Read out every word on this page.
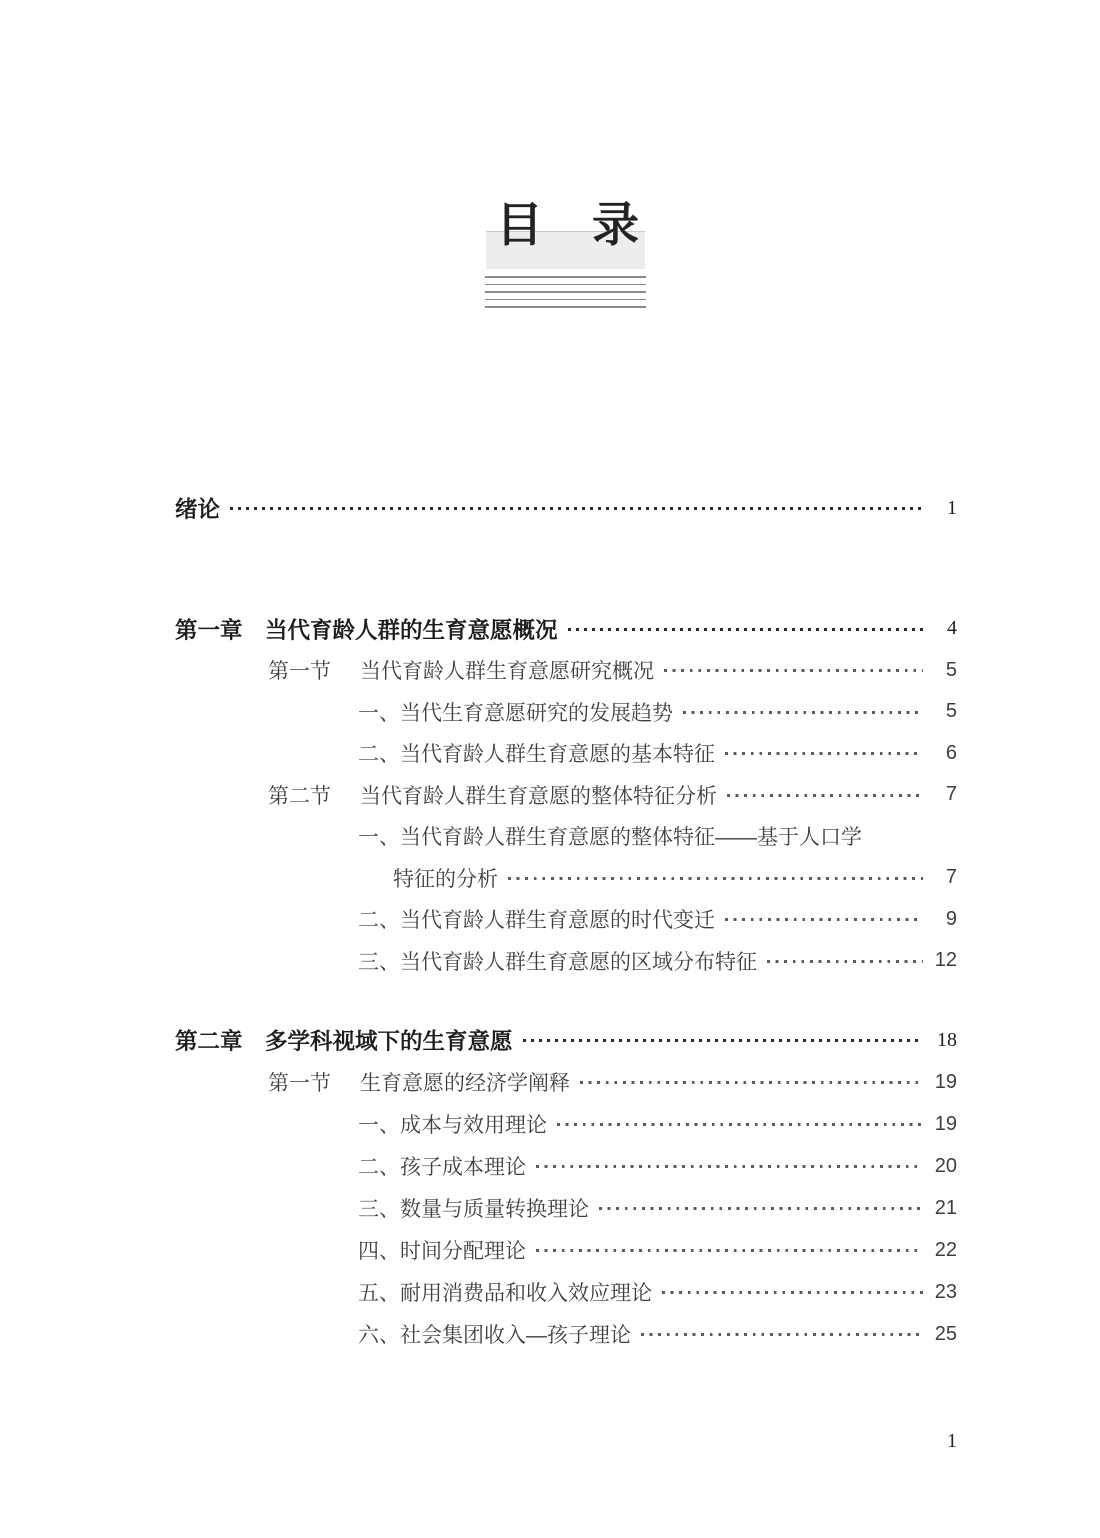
目 录
绪论	1
第一章 当代育龄人群的生育意愿概况	4
第一节	当代育龄人群生育意愿研究概况	5
一、当代生育意愿研究的发展趋势	5
二、当代育龄人群生育意愿的基本特征	6
第二节	当代育龄人群生育意愿的整体特征分析	7
一、当代育龄人群生育意愿的整体特征——基于人口学
特征的分析	7
二、当代育龄人群生育意愿的时代变迁	9
三、当代育龄人群生育意愿的区域分布特征	12
第二章 多学科视域下的生育意愿	18
第一节	生育意愿的经济学阐释	19
一、成本与效用理论	19
二、孩子成本理论	20
三、数量与质量转换理论	21
四、时间分配理论	22
五、耐用消费品和收入效应理论	23
六、社会集团收入—孩子理论	25
1
